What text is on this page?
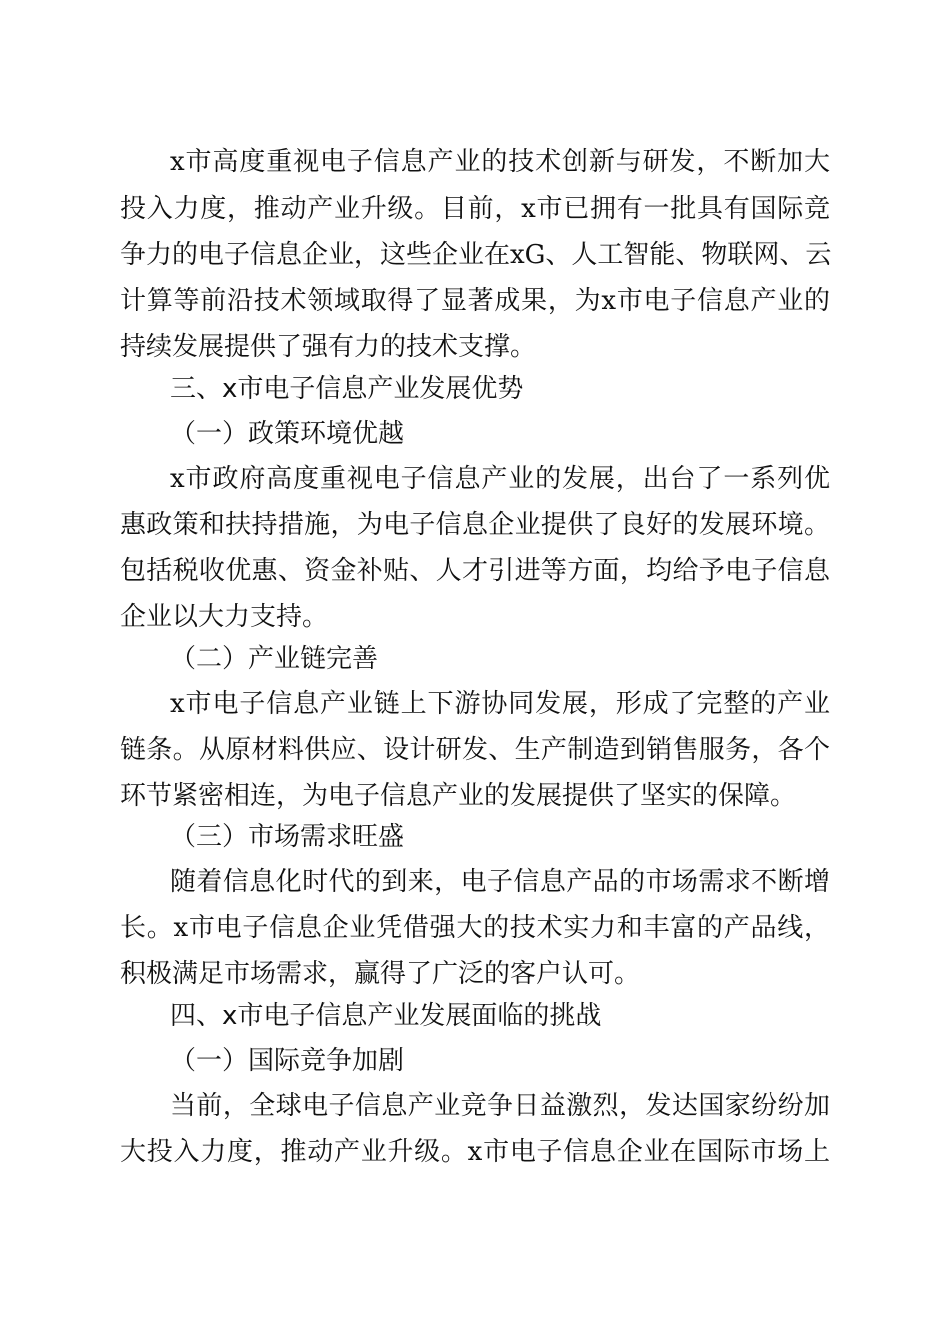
x市高度重视电子信息产业的技术创新与研发，不断加大
投入力度，推动产业升级。目前，x市已拥有一批具有国际竞
争力的电子信息企业，这些企业在xG、人工智能、物联网、云
计算等前沿技术领域取得了显著成果，为x市电子信息产业的
持续发展提供了强有力的技术支撑。
三、x市电子信息产业发展优势
（一）政策环境优越
x市政府高度重视电子信息产业的发展，出台了一系列优
惠政策和扶持措施，为电子信息企业提供了良好的发展环境。
包括税收优惠、资金补贴、人才引进等方面，均给予电子信息
企业以大力支持。
（二）产业链完善
x市电子信息产业链上下游协同发展，形成了完整的产业
链条。从原材料供应、设计研发、生产制造到销售服务，各个
环节紧密相连，为电子信息产业的发展提供了坚实的保障。
（三）市场需求旺盛
随着信息化时代的到来，电子信息产品的市场需求不断增
长。x市电子信息企业凭借强大的技术实力和丰富的产品线，
积极满足市场需求，赢得了广泛的客户认可。
四、x市电子信息产业发展面临的挑战
（一）国际竞争加剧
当前，全球电子信息产业竞争日益激烈，发达国家纷纷加
大投入力度，推动产业升级。x市电子信息企业在国际市场上
